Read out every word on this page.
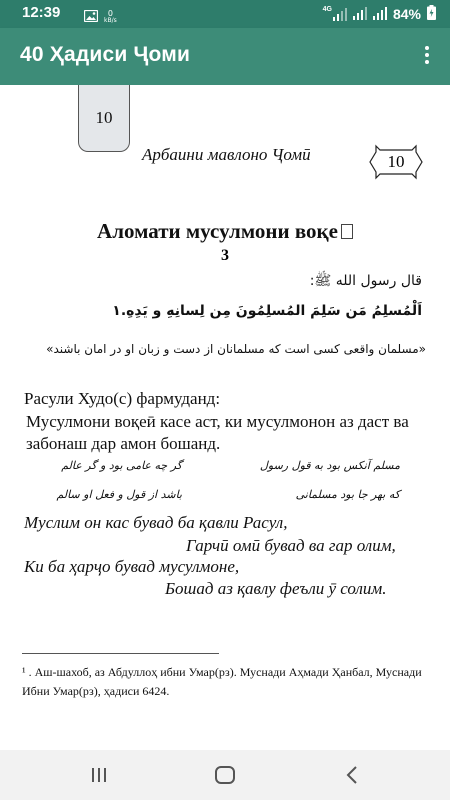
12:39	0
kB/s
4G	84%
40 Ҳадиси Ҷоми
10
Арбаини мавлоно Ҷомӣ	10
Аломати мусулмони воқе
3
قال رسول الله ﷺ:
اَلْمُسلِمُ مَن سَلِمَ المُسلِمُونَ مِن لِسانِهِ و يَدِهِ.١
«مسلمان واقعی کسی است که مسلمانان از دست و زبان او در امان باشند»
Расули Худо(с) фармуданд:
Мусулмони воқеӣ касе аст, ки мусулмонон аз даст ва забонаш дар амон бошанд.
مسلم آنکس بود به قول رسول
گر چه عامی بود و گر عالم
که بهر جا بود مسلمانی
باشد از قول و فعل او سالم
Муслим он кас бувад ба қавли Расул,
Гарчӣ омӣ бувад ва гар олим,
Ки ба ҳарҷо бувад мусулмоне,
Бошад аз қавлу феъли ӯ солим.
¹ . Аш-шахоб, аз Абдуллоҳ ибни Умар(рз). Муснади Аҳмади Ҳанбал, Муснади Ибни Умар(рз), ҳадиси 6424.
